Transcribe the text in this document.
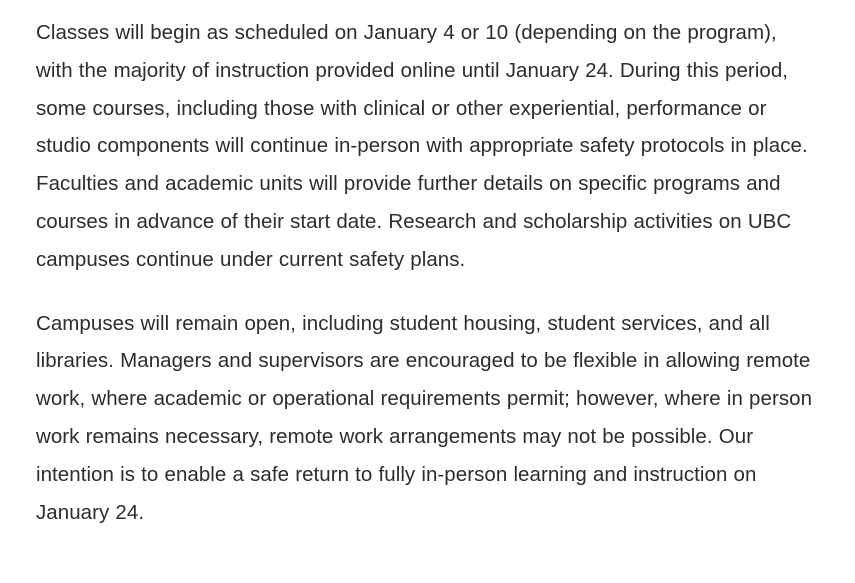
Classes will begin as scheduled on January 4 or 10 (depending on the program), with the majority of instruction provided online until January 24. During this period, some courses, including those with clinical or other experiential, performance or studio components will continue in-person with appropriate safety protocols in place. Faculties and academic units will provide further details on specific programs and courses in advance of their start date. Research and scholarship activities on UBC campuses continue under current safety plans.

Campuses will remain open, including student housing, student services, and all libraries. Managers and supervisors are encouraged to be flexible in allowing remote work, where academic or operational requirements permit; however, where in person work remains necessary, remote work arrangements may not be possible. Our intention is to enable a safe return to fully in-person learning and instruction on January 24.
